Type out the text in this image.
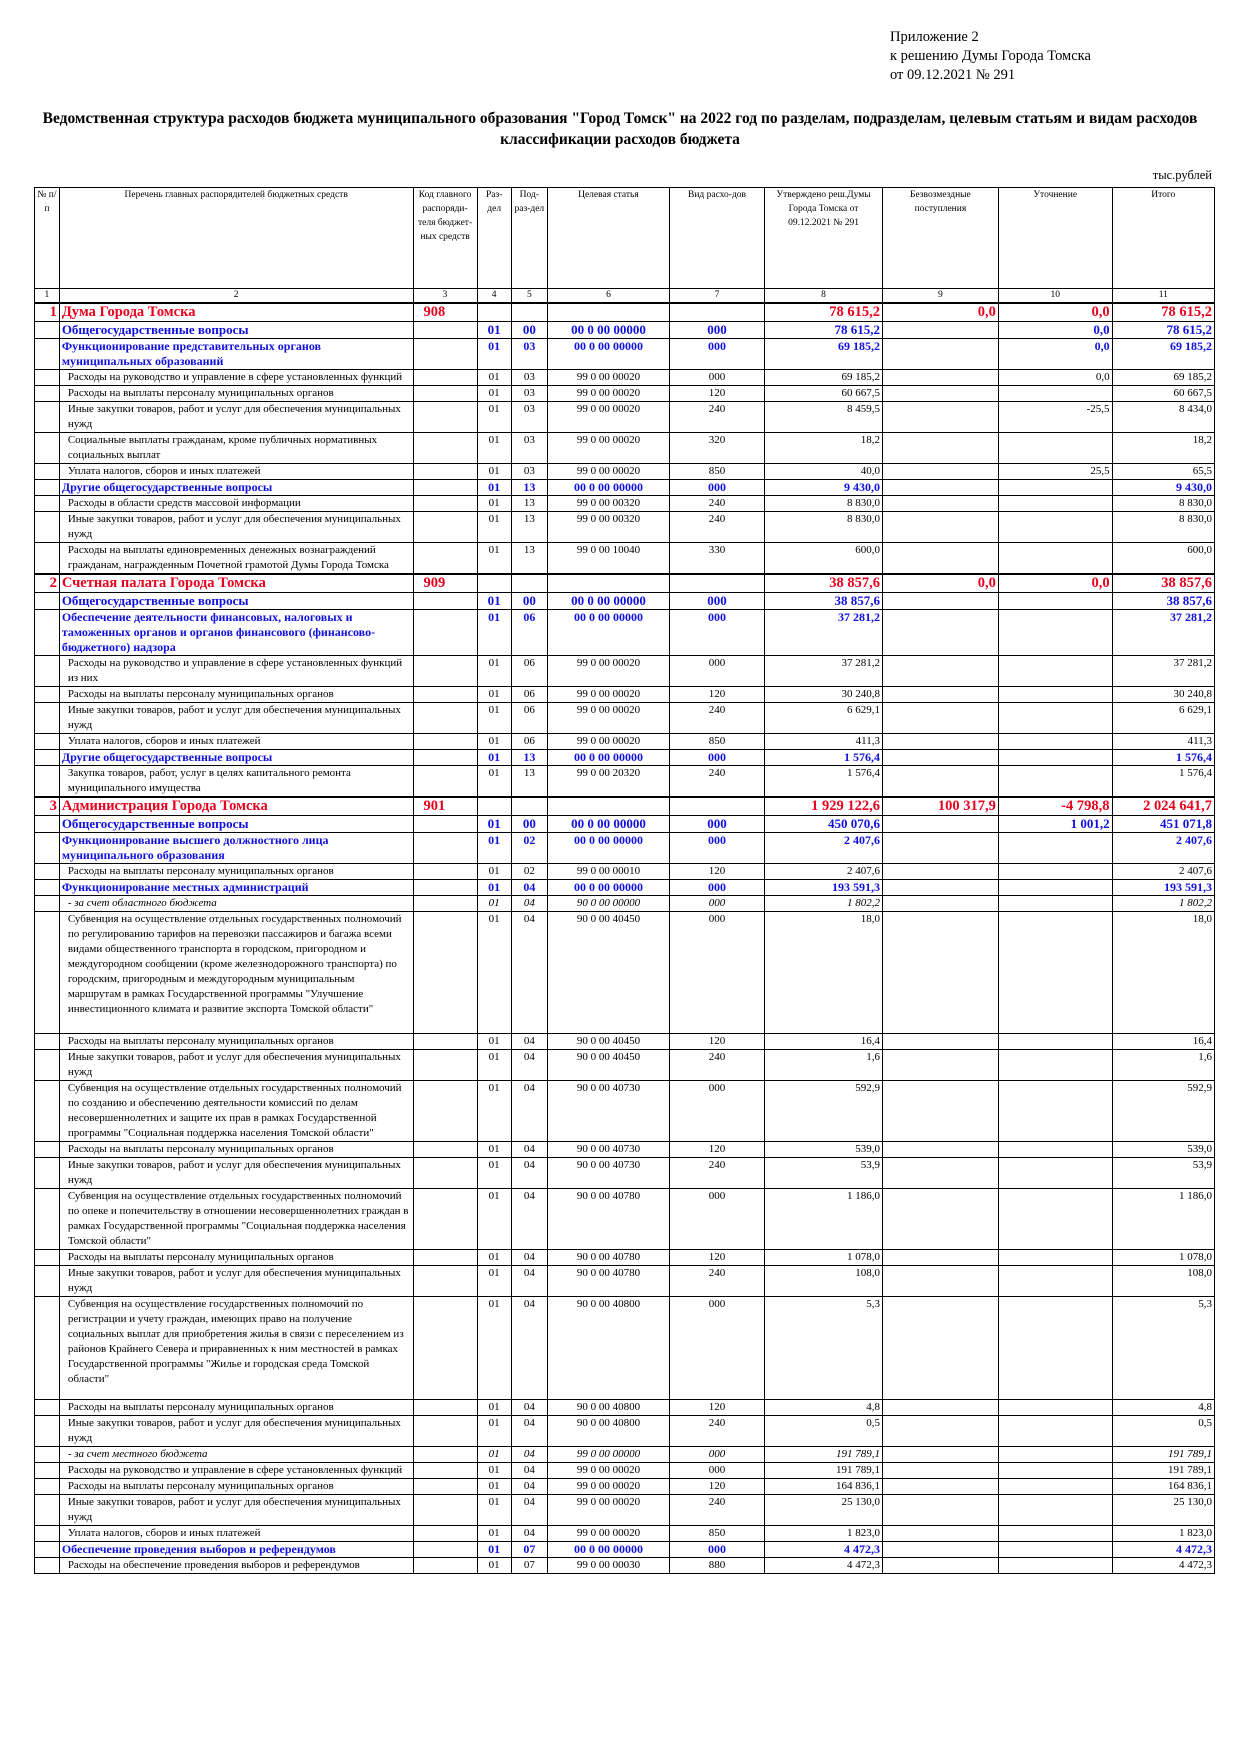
Приложение 2
к решению Думы Города Томска
от 09.12.2021 № 291
Ведомственная структура расходов бюджета муниципального образования "Город Томск" на 2022 год по разделам, подразделам, целевым статьям и видам расходов классификации расходов бюджета
тыс.рублей
№ п/п	Перечень главных распорядителей бюджетных средств	Код главного распоряди-теля бюджет-ных средств	Раз-дел	Под-раз-дел	Целевая статья	Вид расхо-дов	Утверждено реш.Думы Города Томска от 09.12.2021 № 291	Безвозмездные поступления	Уточнение	Итого
1	2	3	4	5	6	7	8	9	10	11
1	Дума Города Томска	908					78 615,2	0,0	0,0	78 615,2
	Общегосударственные вопросы		01	00	00 0 00 00000	000	78 615,2		0,0	78 615,2
	Функционирование представительных органов муниципальных образований		01	03	00 0 00 00000	000	69 185,2		0,0	69 185,2
	Расходы на руководство и управление в сфере установленных функций		01	03	99 0 00 00020	000	69 185,2		0,0	69 185,2
	Расходы на выплаты персоналу муниципальных органов		01	03	99 0 00 00020	120	60 667,5			60 667,5
	Иные закупки товаров, работ и услуг для обеспечения муниципальных нужд		01	03	99 0 00 00020	240	8 459,5		-25,5	8 434,0
	Социальные выплаты гражданам, кроме публичных нормативных социальных выплат		01	03	99 0 00 00020	320	18,2			18,2
	Уплата налогов, сборов и иных платежей		01	03	99 0 00 00020	850	40,0		25,5	65,5
	Другие общегосударственные вопросы		01	13	00 0 00 00000	000	9 430,0			9 430,0
	Расходы в области средств массовой информации		01	13	99 0 00 00320	240	8 830,0			8 830,0
	Иные закупки товаров, работ и услуг для обеспечения муниципальных нужд		01	13	99 0 00 00320	240	8 830,0			8 830,0
	Расходы на выплаты единовременных денежных вознаграждений гражданам, награжденным Почетной грамотой Думы Города Томска		01	13	99 0 00 10040	330	600,0			600,0
2	Счетная палата Города Томска	909					38 857,6	0,0	0,0	38 857,6
	Общегосударственные вопросы		01	00	00 0 00 00000	000	38 857,6			38 857,6
	Обеспечение деятельности финансовых, налоговых и таможенных органов и органов финансового (финансово-бюджетного) надзора		01	06	00 0 00 00000	000	37 281,2			37 281,2
	Расходы на руководство и управление в сфере установленных функций из них		01	06	99 0 00 00020	000	37 281,2			37 281,2
	Расходы на выплаты персоналу муниципальных органов		01	06	99 0 00 00020	120	30 240,8			30 240,8
	Иные закупки товаров, работ и услуг для обеспечения муниципальных нужд		01	06	99 0 00 00020	240	6 629,1			6 629,1
	Уплата налогов, сборов и иных платежей		01	06	99 0 00 00020	850	411,3			411,3
	Другие общегосударственные вопросы		01	13	00 0 00 00000	000	1 576,4			1 576,4
	Закупка товаров, работ, услуг в целях капитального ремонта муниципального имущества		01	13	99 0 00 20320	240	1 576,4			1 576,4
3	Администрация Города Томска	901					1 929 122,6	100 317,9	-4 798,8	2 024 641,7
	Общегосударственные вопросы		01	00	00 0 00 00000	000	450 070,6		1 001,2	451 071,8
	Функционирование высшего должностного лица муниципального образования		01	02	00 0 00 00000	000	2 407,6			2 407,6
	Расходы на выплаты персоналу муниципальных органов		01	02	99 0 00 00010	120	2 407,6			2 407,6
	Функционирование местных администраций		01	04	00 0 00 00000	000	193 591,3			193 591,3
	- за счет областного бюджета		01	04	90 0 00 00000	000	1 802,2			1 802,2
	Субвенция на осуществление отдельных государственных полномочий по регулированию тарифов на перевозки пассажиров и багажа всеми видами общественного транспорта в городском, пригородном и междугородном сообщении (кроме железнодорожного транспорта) по городским, пригородным и междугородным муниципальным маршрутам в рамках Государственной программы "Улучшение инвестиционного климата и развитие экспорта Томской области"		01	04	90 0 00 40450	000	18,0			18,0
	Расходы на выплаты персоналу муниципальных органов		01	04	90 0 00 40450	120	16,4			16,4
	Иные закупки товаров, работ и услуг для обеспечения муниципальных нужд		01	04	90 0 00 40450	240	1,6			1,6
	Субвенция на осуществление отдельных государственных полномочий по созданию и обеспечению деятельности комиссий по делам несовершеннолетних и защите их прав в рамках Государственной программы "Социальная поддержка населения Томской области"		01	04	90 0 00 40730	000	592,9			592,9
	Расходы на выплаты персоналу муниципальных органов		01	04	90 0 00 40730	120	539,0			539,0
	Иные закупки товаров, работ и услуг для обеспечения муниципальных нужд		01	04	90 0 00 40730	240	53,9			53,9
	Субвенция на осуществление отдельных государственных полномочий по опеке и попечительству в отношении несовершеннолетних граждан в рамках Государственной программы "Социальная поддержка населения Томской области"		01	04	90 0 00 40780	000	1 186,0			1 186,0
	Расходы на выплаты персоналу муниципальных органов		01	04	90 0 00 40780	120	1 078,0			1 078,0
	Иные закупки товаров, работ и услуг для обеспечения муниципальных нужд		01	04	90 0 00 40780	240	108,0			108,0
	Субвенция на осуществление государственных полномочий по регистрации и учету граждан, имеющих право на получение социальных выплат для приобретения жилья в связи с переселением из районов Крайнего Севера и приравненных к ним местностей в рамках Государственной программы "Жилье и городская среда Томской области"		01	04	90 0 00 40800	000	5,3			5,3
	Расходы на выплаты персоналу муниципальных органов		01	04	90 0 00 40800	120	4,8			4,8
	Иные закупки товаров, работ и услуг для обеспечения муниципальных нужд		01	04	90 0 00 40800	240	0,5			0,5
	- за счет местного бюджета		01	04	99 0 00 00000	000	191 789,1			191 789,1
	Расходы на руководство и управление в сфере установленных функций		01	04	99 0 00 00020	000	191 789,1			191 789,1
	Расходы на выплаты персоналу муниципальных органов		01	04	99 0 00 00020	120	164 836,1			164 836,1
	Иные закупки товаров, работ и услуг для обеспечения муниципальных нужд		01	04	99 0 00 00020	240	25 130,0			25 130,0
	Уплата налогов, сборов и иных платежей		01	04	99 0 00 00020	850	1 823,0			1 823,0
	Обеспечение проведения выборов и референдумов		01	07	00 0 00 00000	000	4 472,3			4 472,3
	Расходы на обеспечение проведения выборов и референдумов		01	07	99 0 00 00030	880	4 472,3			4 472,3
